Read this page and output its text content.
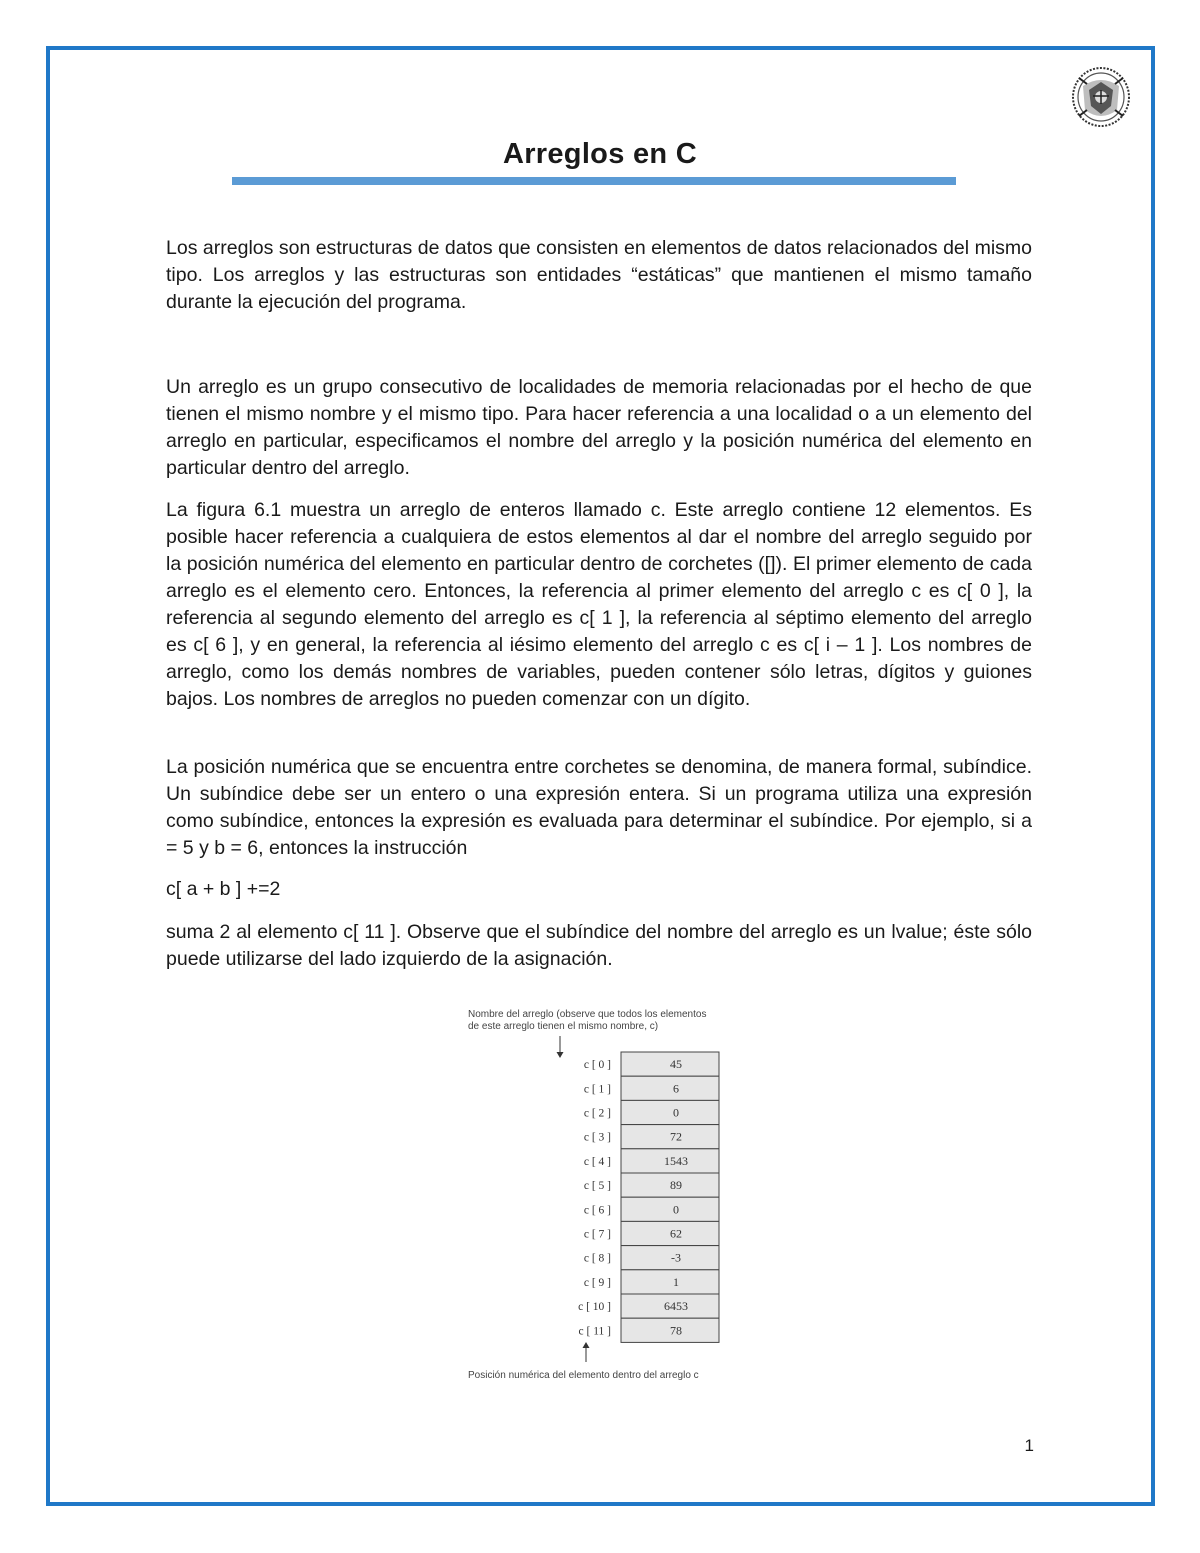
Arreglos en C

Los arreglos son estructuras de datos que consisten en elementos de datos relacionados del mismo tipo. Los arreglos y las estructuras son entidades “estáticas” que mantienen el mismo tamaño durante la ejecución del programa.

Un arreglo es un grupo consecutivo de localidades de memoria relacionadas por el hecho de que tienen el mismo nombre y el mismo tipo. Para hacer referencia a una localidad o a un elemento del arreglo en particular, especificamos el nombre del arreglo y la posición numérica del elemento en particular dentro del arreglo.

La figura 6.1 muestra un arreglo de enteros llamado c. Este arreglo contiene 12 elementos. Es posible hacer referencia a cualquiera de estos elementos al dar el nombre del arreglo seguido por la posición numérica del elemento en particular dentro de corchetes ([]). El primer elemento de cada arreglo es el elemento cero. Entonces, la referencia al primer elemento del arreglo c es c[ 0 ], la referencia al segundo elemento del arreglo es c[ 1 ], la referencia al séptimo elemento del arreglo es c[ 6 ], y en general, la referencia al iésimo elemento del arreglo c es c[ i – 1 ]. Los nombres de arreglo, como los demás nombres de variables, pueden contener sólo letras, dígitos y guiones bajos. Los nombres de arreglos no pueden comenzar con un dígito.

La posición numérica que se encuentra entre corchetes se denomina, de manera formal, subíndice. Un subíndice debe ser un entero o una expresión entera. Si un programa utiliza una expresión como subíndice, entonces la expresión es evaluada para determinar el subíndice. Por ejemplo, si a = 5 y b = 6, entonces la instrucción

c[ a + b ] +=2

suma 2 al elemento c[ 11 ]. Observe que el subíndice del nombre del arreglo es un lvalue; éste sólo puede utilizarse del lado izquierdo de la asignación.

Nombre del arreglo (observe que todos los elementos
de este arreglo tienen el mismo nombre, c)
c [ 0 ]	45
c [ 1 ]	6
c [ 2 ]	0
c [ 3 ]	72
c [ 4 ]	1543
c [ 5 ]	89
c [ 6 ]	0
c [ 7 ]	62
c [ 8 ]	-3
c [ 9 ]	1
c [ 10 ]	6453
c [ 11 ]	78
Posición numérica del elemento dentro del arreglo c
1
